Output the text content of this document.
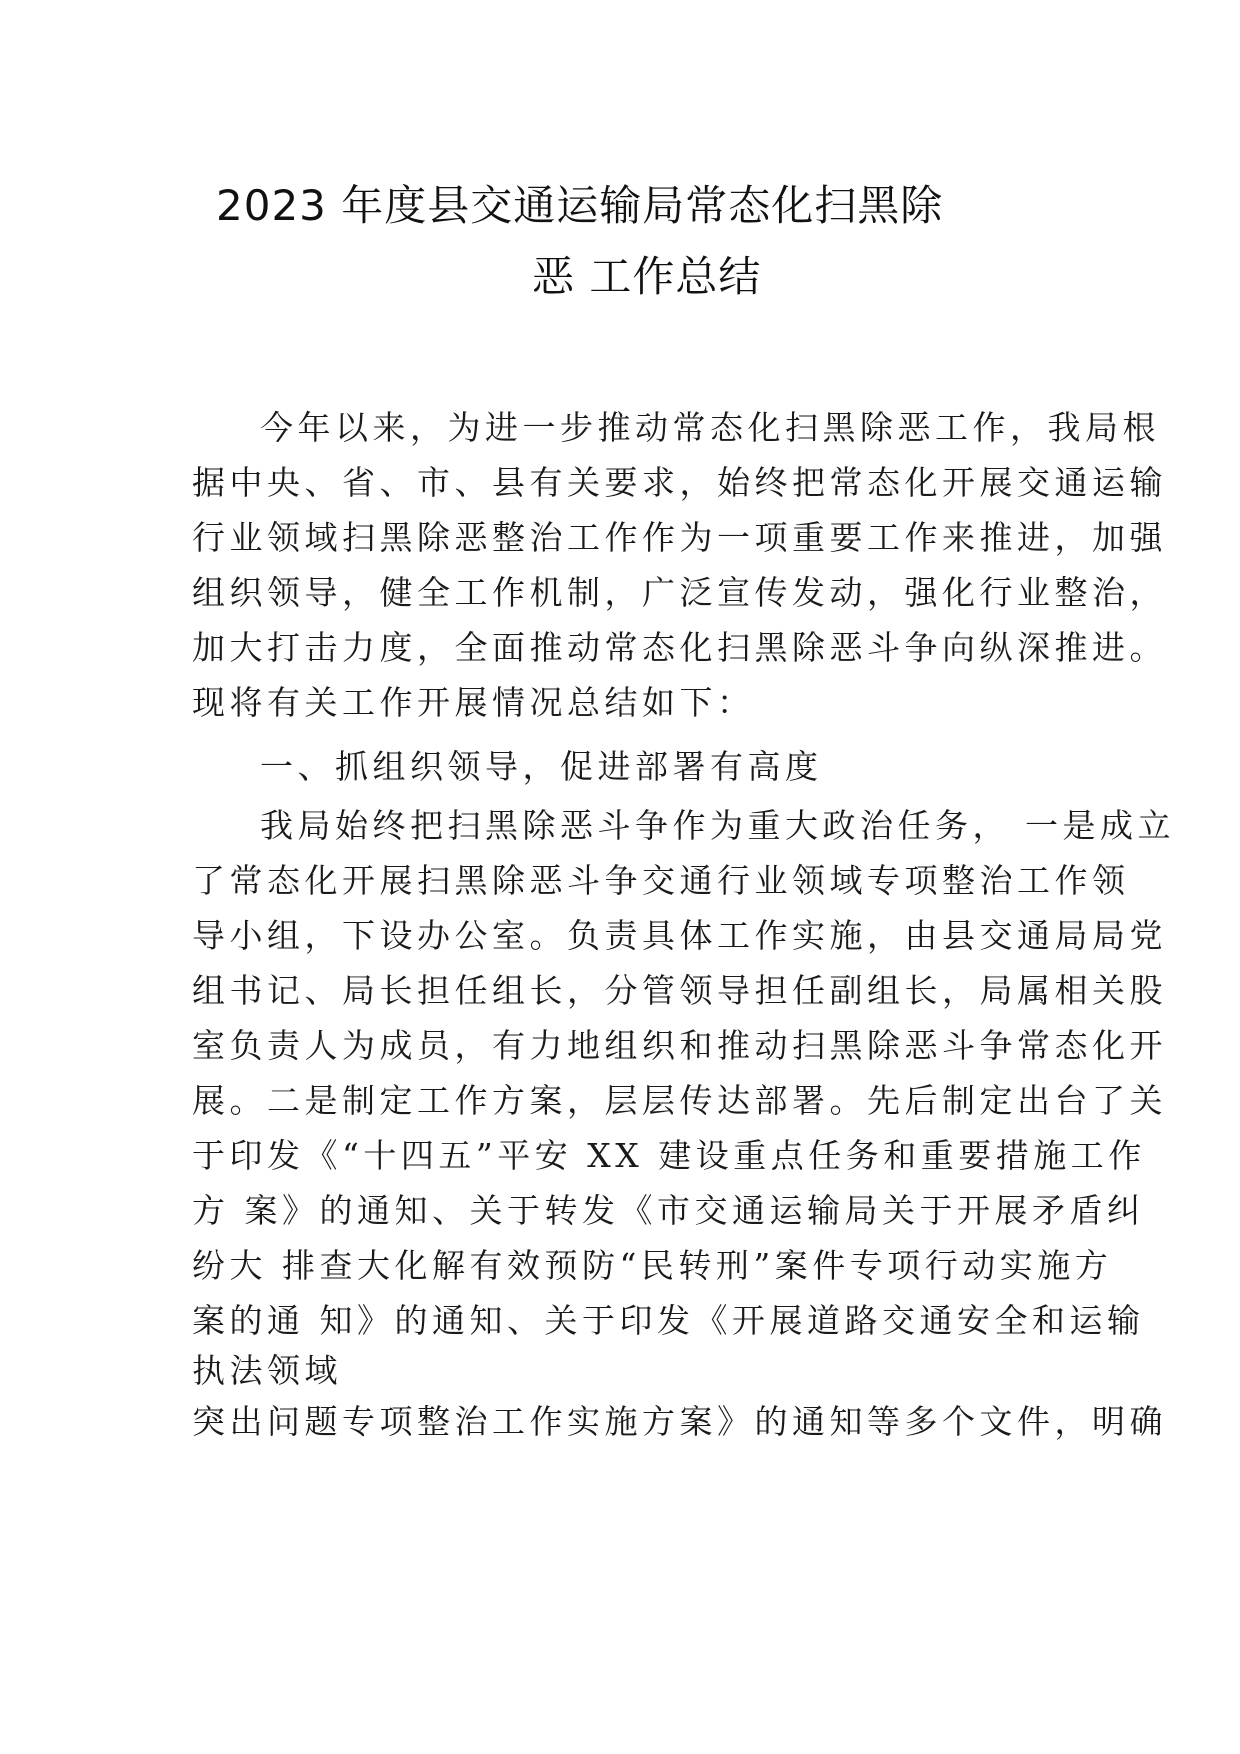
2023 年度县交通运输局常态化扫黑除
恶 工作总结
今年以来，为进一步推动常态化扫黑除恶工作，我局根
据中央、省、市、县有关要求，始终把常态化开展交通运输
行业领域扫黑除恶整治工作作为一项重要工作来推进，加强
组织领导，健全工作机制，广泛宣传发动，强化行业整治，
加大打击力度，全面推动常态化扫黑除恶斗争向纵深推进。
现将有关工作开展情况总结如下：
一、抓组织领导，促进部署有高度
我局始终把扫黑除恶斗争作为重大政治任务， 一是成立
了常态化开展扫黑除恶斗争交通行业领域专项整治工作领
导小组，下设办公室。负责具体工作实施，由县交通局局党
组书记、局长担任组长，分管领导担任副组长，局属相关股
室负责人为成员，有力地组织和推动扫黑除恶斗争常态化开
展。二是制定工作方案，层层传达部署。先后制定出台了关
于印发《“十四五”平安 XX 建设重点任务和重要措施工作
方 案》的通知、关于转发《市交通运输局关于开展矛盾纠
纷大 排查大化解有效预防“民转刑”案件专项行动实施方
案的通 知》的通知、关于印发《开展道路交通安全和运输
执法领域
突出问题专项整治工作实施方案》的通知等多个文件，明确
